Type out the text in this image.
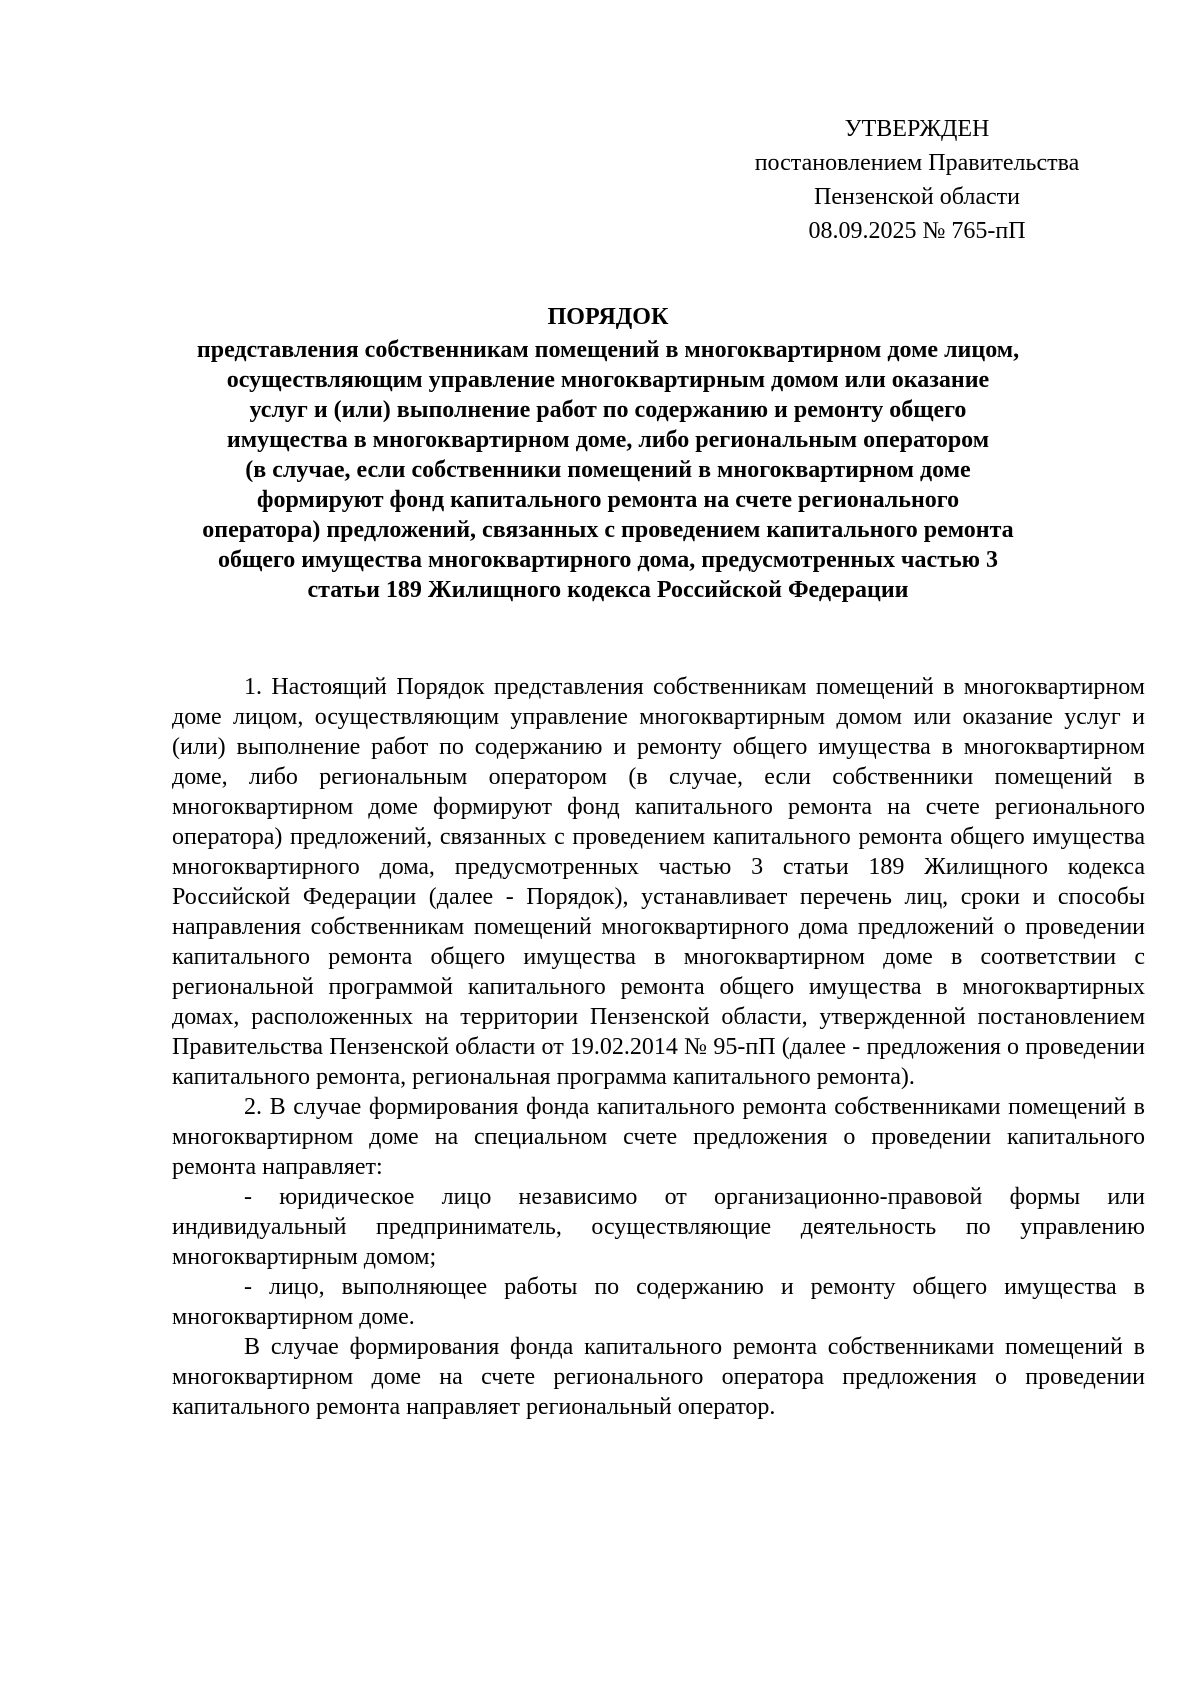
УТВЕРЖДЕН
постановлением Правительства
Пензенской области
08.09.2025 № 765-пП
ПОРЯДОК
представления собственникам помещений в многоквартирном доме лицом,
осуществляющим управление многоквартирным домом или оказание
услуг и (или) выполнение работ по содержанию и ремонту общего
имущества в многоквартирном доме, либо региональным оператором
(в случае, если собственники помещений в многоквартирном доме
формируют фонд капитального ремонта на счете регионального
оператора) предложений, связанных с проведением капитального ремонта
общего имущества многоквартирного дома, предусмотренных частью 3
статьи 189 Жилищного кодекса Российской Федерации

1. Настоящий Порядок представления собственникам помещений в многоквартирном доме лицом, осуществляющим управление многоквартирным домом или оказание услуг и (или) выполнение работ по содержанию и ремонту общего имущества в многоквартирном доме, либо региональным оператором (в случае, если собственники помещений в многоквартирном доме формируют фонд капитального ремонта на счете регионального оператора) предложений, связанных с проведением капитального ремонта общего имущества многоквартирного дома, предусмотренных частью 3 статьи 189 Жилищного кодекса Российской Федерации (далее - Порядок), устанавливает перечень лиц, сроки и способы направления собственникам помещений многоквартирного дома предложений о проведении капитального ремонта общего имущества в многоквартирном доме в соответствии с региональной программой капитального ремонта общего имущества в многоквартирных домах, расположенных на территории Пензенской области, утвержденной постановлением Правительства Пензенской области от 19.02.2014 № 95-пП (далее - предложения о проведении капитального ремонта, региональная программа капитального ремонта).

2. В случае формирования фонда капитального ремонта собственниками помещений в многоквартирном доме на специальном счете предложения о проведении капитального ремонта направляет:

- юридическое лицо независимо от организационно-правовой формы или индивидуальный предприниматель, осуществляющие деятельность по управлению многоквартирным домом;

- лицо, выполняющее работы по содержанию и ремонту общего имущества в многоквартирном доме.

В случае формирования фонда капитального ремонта собственниками помещений в многоквартирном доме на счете регионального оператора предложения о проведении капитального ремонта направляет региональный оператор.
